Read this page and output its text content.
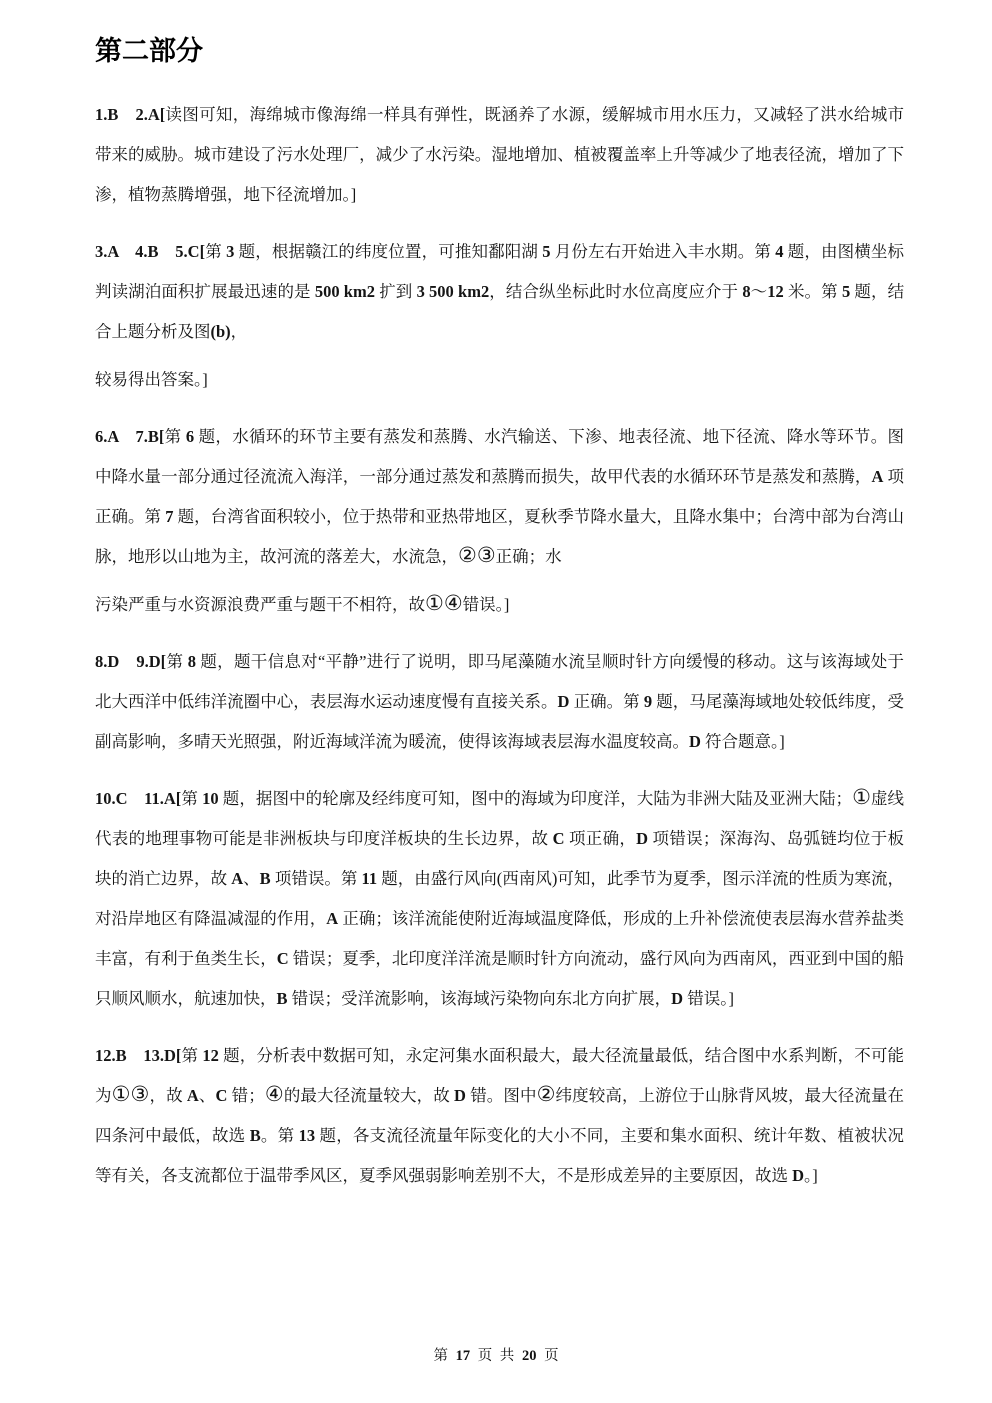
第二部分

1.B　2.A[读图可知，海绵城市像海绵一样具有弹性，既涵养了水源，缓解城市用水压力，又减轻了洪水给城市带来的威胁。城市建设了污水处理厂，减少了水污染。湿地增加、植被覆盖率上升等减少了地表径流，增加了下渗，植物蒸腾增强，地下径流增加。]

3.A　4.B　5.C[第 3 题，根据赣江的纬度位置，可推知鄱阳湖 5 月份左右开始进入丰水期。第 4 题，由图横坐标判读湖泊面积扩展最迅速的是 500 km2 扩到 3 500 km2，结合纵坐标此时水位高度应介于 8～12 米。第 5 题，结合上题分析及图(b)，

较易得出答案。]

6.A　7.B[第 6 题，水循环的环节主要有蒸发和蒸腾、水汽输送、下渗、地表径流、地下径流、降水等环节。图中降水量一部分通过径流流入海洋，一部分通过蒸发和蒸腾而损失，故甲代表的水循环环节是蒸发和蒸腾，A 项正确。第 7 题，台湾省面积较小，位于热带和亚热带地区，夏秋季节降水量大，且降水集中；台湾中部为台湾山脉，地形以山地为主，故河流的落差大，水流急，②③正确；水

污染严重与水资源浪费严重与题干不相符，故①④错误。]

8.D　9.D[第 8 题，题干信息对“平静”进行了说明，即马尾藻随水流呈顺时针方向缓慢的移动。这与该海域处于北大西洋中低纬洋流圈中心，表层海水运动速度慢有直接关系。D 正确。第 9 题，马尾藻海域地处较低纬度，受副高影响，多晴天光照强，附近海域洋流为暖流，使得该海域表层海水温度较高。D 符合题意。]

10.C　11.A[第 10 题，据图中的轮廓及经纬度可知，图中的海域为印度洋，大陆为非洲大陆及亚洲大陆；①虚线代表的地理事物可能是非洲板块与印度洋板块的生长边界，故 C 项正确，D 项错误；深海沟、岛弧链均位于板块的消亡边界，故 A、B 项错误。第 11 题，由盛行风向(西南风)可知，此季节为夏季，图示洋流的性质为寒流，对沿岸地区有降温减湿的作用，A 正确；该洋流能使附近海域温度降低，形成的上升补偿流使表层海水营养盐类丰富，有利于鱼类生长，C 错误；夏季，北印度洋洋流是顺时针方向流动，盛行风向为西南风，西亚到中国的船只顺风顺水，航速加快，B 错误；受洋流影响，该海域污染物向东北方向扩展，D 错误。]

12.B　13.D[第 12 题，分析表中数据可知，永定河集水面积最大，最大径流量最低，结合图中水系判断，不可能为①③，故 A、C 错；④的最大径流量较大，故 D 错。图中②纬度较高，上游位于山脉背风坡，最大径流量在四条河中最低，故选 B。第 13 题，各支流径流量年际变化的大小不同，主要和集水面积、统计年数、植被状况等有关，各支流都位于温带季风区，夏季风强弱影响差别不大，不是形成差异的主要原因，故选 D。]

第 17 页 共 20 页
